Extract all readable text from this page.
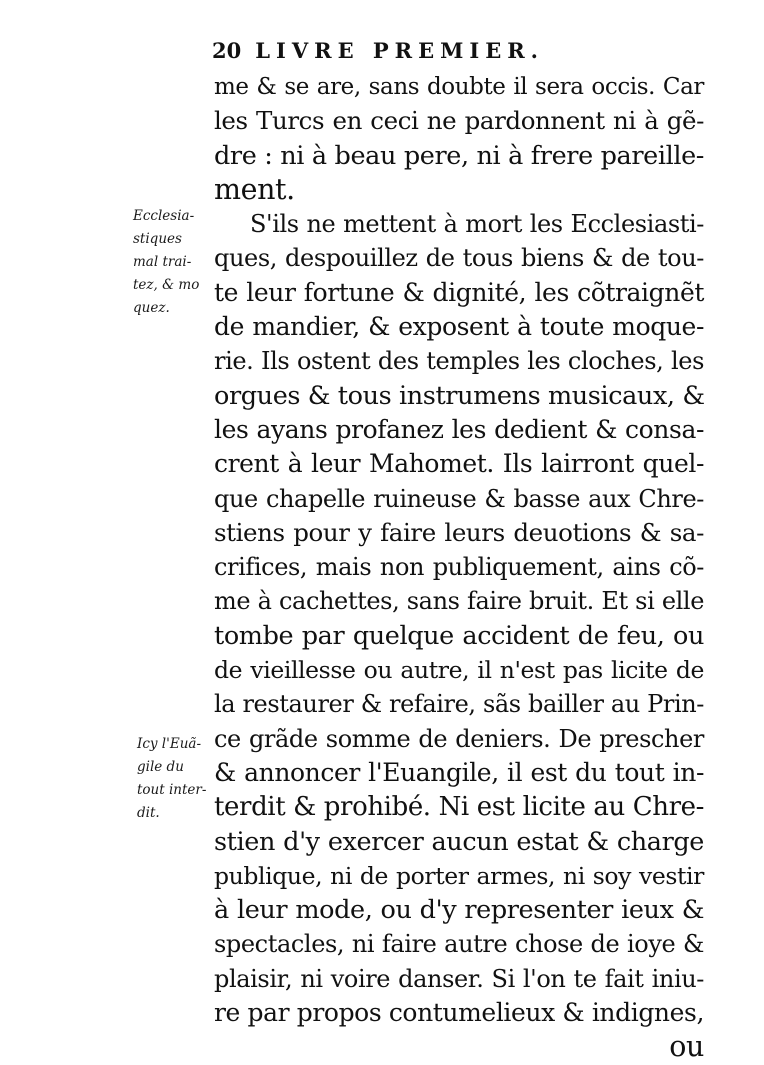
20 LIVRE PREMIER.
Ecclesia-
stiques
mal trai-
tez, & mo
quez.
Icy l'Euã-
gile du
tout inter-
dit.
me & se are, sans doubte il sera occis. Car
les Turcs en ceci ne pardonnent ni à gẽ-
dre : ni à beau pere, ni à frere pareille-
ment.
S'ils ne mettent à mort les Ecclesiasti-
ques, despouillez de tous biens & de tou-
te leur fortune & dignité, les cõtraignẽt
de mandier, & exposent à toute moque-
rie. Ils ostent des temples les cloches, les
orgues & tous instrumens musicaux, &
les ayans profanez les dedient & consa-
crent à leur Mahomet. Ils lairront quel-
que chapelle ruineuse & basse aux Chre-
stiens pour y faire leurs deuotions & sa-
crifices, mais non publiquement, ains cõ-
me à cachettes, sans faire bruit. Et si elle
tombe par quelque accident de feu, ou
de vieillesse ou autre, il n'est pas licite de
la restaurer & refaire, sãs bailler au Prin-
ce grãde somme de deniers. De prescher
& annoncer l'Euangile, il est du tout in-
terdit & prohibé. Ni est licite au Chre-
stien d'y exercer aucun estat & charge
publique, ni de porter armes, ni soy vestir
à leur mode, ou d'y representer ieux &
spectacles, ni faire autre chose de ioye &
plaisir, ni voire danser. Si l'on te fait iniu-
re par propos contumelieux & indignes,
ou
